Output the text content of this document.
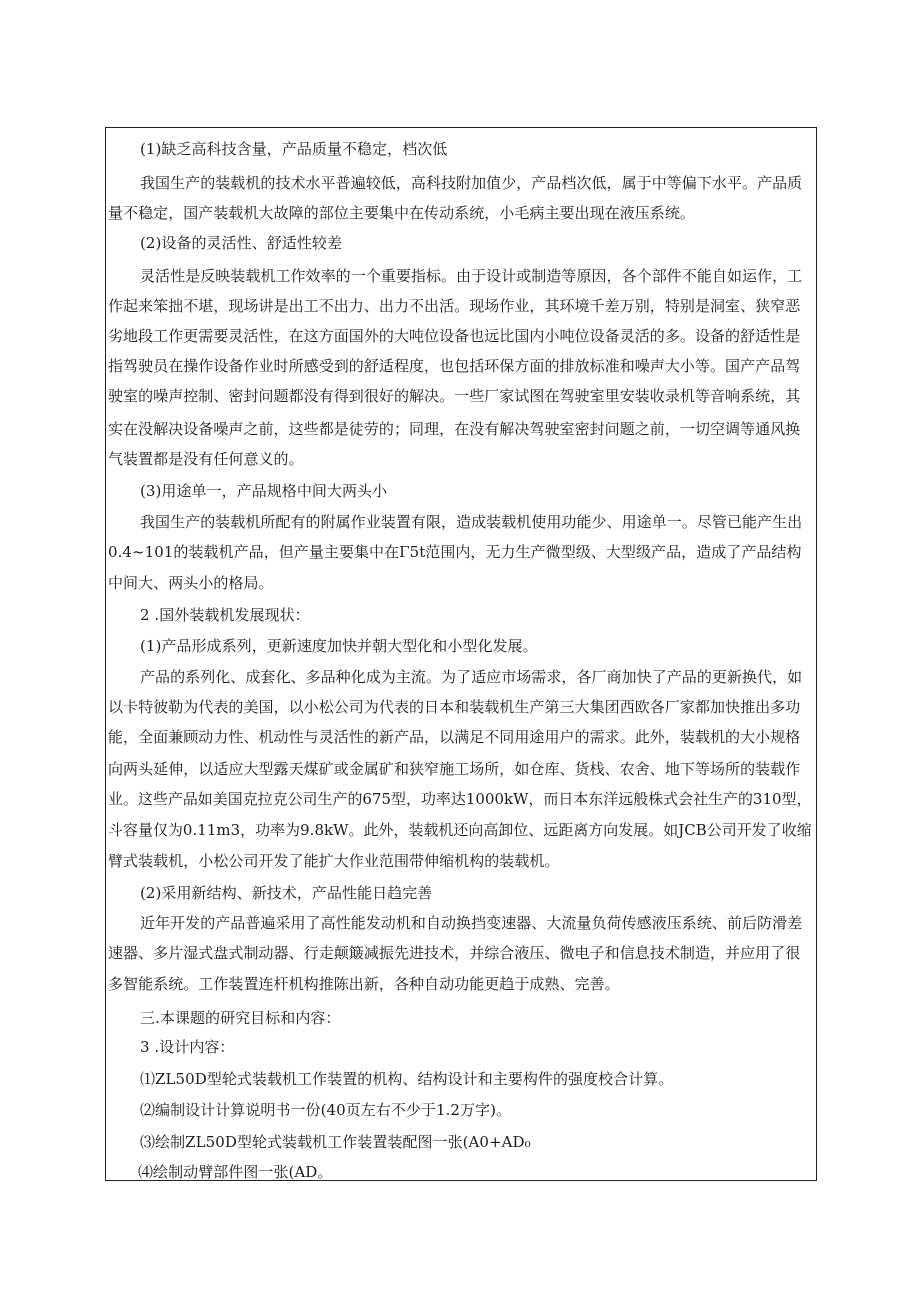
(1)缺乏高科技含量，产品质量不稳定，档次低
我国生产的装载机的技术水平普遍较低，高科技附加值少，产品档次低，属于中等偏下水平。产品质
量不稳定，国产装载机大故障的部位主要集中在传动系统，小毛病主要出现在液压系统。
(2)设备的灵活性、舒适性较差
灵活性是反映装载机工作效率的一个重要指标。由于设计或制造等原因，各个部件不能自如运作，工
作起来笨拙不堪，现场讲是出工不出力、出力不出活。现场作业，其环境千差万别，特别是洞室、狭窄恶
劣地段工作更需要灵活性，在这方面国外的大吨位设备也远比国内小吨位设备灵活的多。设备的舒适性是
指驾驶员在操作设备作业时所感受到的舒适程度，也包括环保方面的排放标准和噪声大小等。国产产品驾
驶室的噪声控制、密封问题都没有得到很好的解决。一些厂家试图在驾驶室里安装收录机等音响系统，其
实在没解决设备噪声之前，这些都是徒劳的；同理，在没有解决驾驶室密封问题之前，一切空调等通风换
气装置都是没有任何意义的。
(3)用途单一，产品规格中间大两头小
我国生产的装载机所配有的附属作业装置有限，造成装载机使用功能少、用途单一。尽管已能产生出
0.4~101的装载机产品，但产量主要集中在Γ5t范围内，无力生产微型级、大型级产品，造成了产品结构
中间大、两头小的格局。
2 .国外装载机发展现状：
(1)产品形成系列，更新速度加快并朝大型化和小型化发展。
产品的系列化、成套化、多品种化成为主流。为了适应市场需求，各厂商加快了产品的更新换代，如
以卡特彼勒为代表的美国，以小松公司为代表的日本和装载机生产第三大集团西欧各厂家都加快推出多功
能，全面兼顾动力性、机动性与灵活性的新产品，以满足不同用途用户的需求。此外，装载机的大小规格
向两头延伸，以适应大型露天煤矿或金属矿和狭窄施工场所，如仓库、货栈、农舍、地下等场所的装载作
业。这些产品如美国克拉克公司生产的675型，功率达1000kW，而日本东洋远般株式会社生产的310型，
斗容量仅为0.11m3，功率为9.8kW。此外，装载机还向高卸位、远距离方向发展。如JCB公司开发了收缩
臂式装载机，小松公司开发了能扩大作业范围带伸缩机构的装载机。
(2)采用新结构、新技术，产品性能日趋完善
近年开发的产品普遍采用了高性能发动机和自动换挡变速器、大流量负荷传感液压系统、前后防滑差
速器、多片湿式盘式制动器、行走颠簸减振先进技术，并综合液压、微电子和信息技术制造，并应用了很
多智能系统。工作装置连杆机构推陈出新，各种自动功能更趋于成熟、完善。
三.本课题的研究目标和内容：
3 .设计内容：
⑴ZL50D型轮式装载机工作装置的机构、结构设计和主要构件的强度校合计算。
⑵编制设计计算说明书一份(40页左右不少于1.2万字)。
⑶绘制ZL50D型轮式装载机工作装置装配图一张(A0+AD₀
⑷绘制动臂部件图一张(AD。
